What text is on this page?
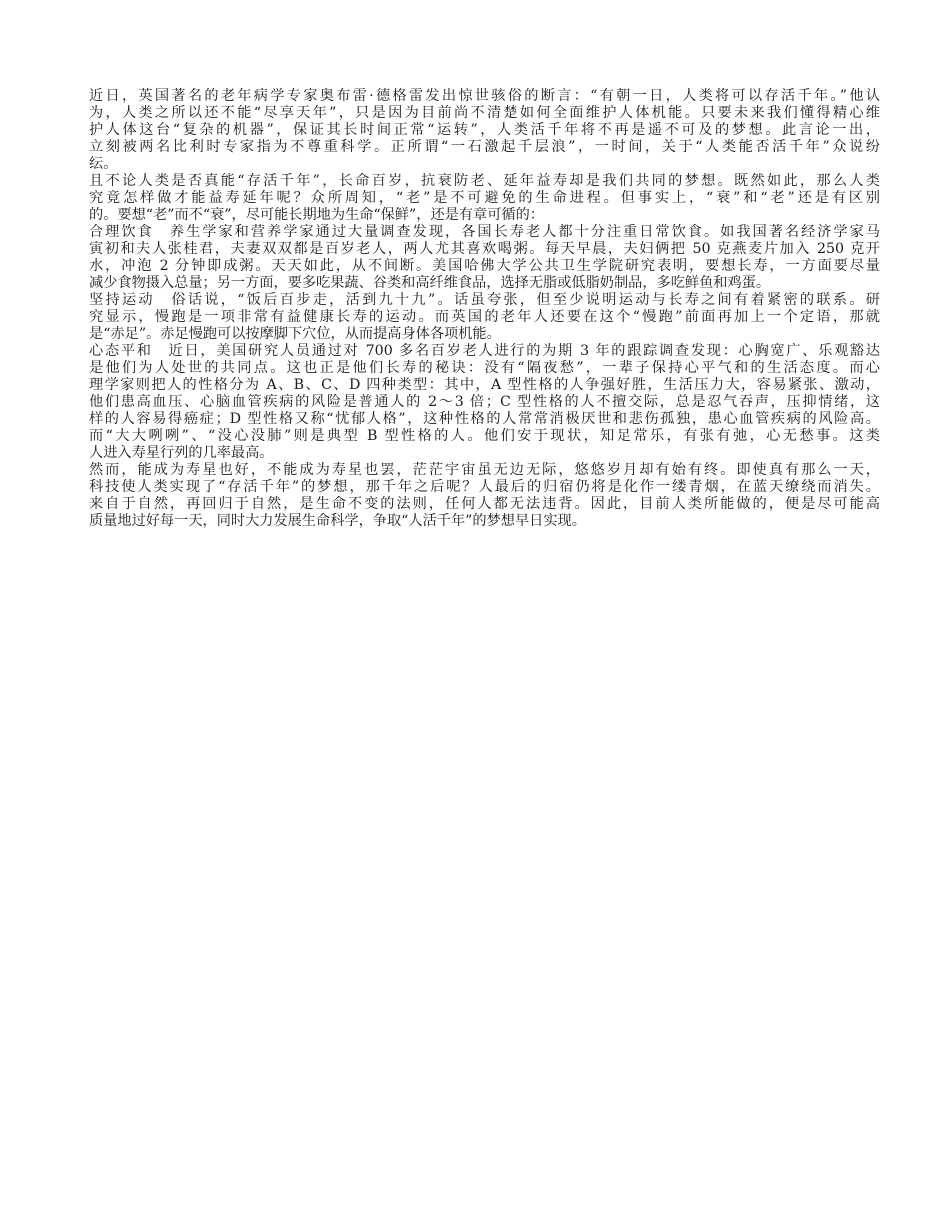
近日，英国著名的老年病学专家奥布雷·德格雷发出惊世骇俗的断言：“有朝一日，人类将可以存活千年。”他认
为，人类之所以还不能“尽享天年”，只是因为目前尚不清楚如何全面维护人体机能。只要未来我们懂得精心维
护人体这台“复杂的机器”，保证其长时间正常“运转”，人类活千年将不再是遥不可及的梦想。此言论一出，
立刻被两名比利时专家指为不尊重科学。正所谓“一石激起千层浪”，一时间，关于“人类能否活千年”众说纷
纭。
且不论人类是否真能“存活千年”，长命百岁，抗衰防老、延年益寿却是我们共同的梦想。既然如此，那么人类
究竟怎样做才能益寿延年呢？众所周知，“老”是不可避免的生命进程。但事实上，“衰”和“老”还是有区别
的。要想“老”而不“衰”，尽可能长期地为生命“保鲜”，还是有章可循的：
合理饮食　养生学家和营养学家通过大量调查发现，各国长寿老人都十分注重日常饮食。如我国著名经济学家马
寅初和夫人张桂君，夫妻双双都是百岁老人，两人尤其喜欢喝粥。每天早晨，夫妇俩把 50 克燕麦片加入 250 克开
水，冲泡 2 分钟即成粥。天天如此，从不间断。美国哈佛大学公共卫生学院研究表明，要想长寿，一方面要尽量
减少食物摄入总量；另一方面，要多吃果蔬、谷类和高纤维食品，选择无脂或低脂奶制品，多吃鲜鱼和鸡蛋。
坚持运动　俗话说，“饭后百步走，活到九十九”。话虽夸张，但至少说明运动与长寿之间有着紧密的联系。研
究显示，慢跑是一项非常有益健康长寿的运动。而英国的老年人还要在这个“慢跑”前面再加上一个定语，那就
是“赤足”。赤足慢跑可以按摩脚下穴位，从而提高身体各项机能。
心态平和　近日，美国研究人员通过对 700 多名百岁老人进行的为期 3 年的跟踪调查发现：心胸宽广、乐观豁达
是他们为人处世的共同点。这也正是他们长寿的秘诀：没有“隔夜愁”，一辈子保持心平气和的生活态度。而心
理学家则把人的性格分为 A、B、C、D 四种类型：其中，A 型性格的人争强好胜，生活压力大，容易紧张、激动，
他们患高血压、心脑血管疾病的风险是普通人的 2～3 倍；C 型性格的人不擅交际，总是忍气吞声，压抑情绪，这
样的人容易得癌症；D 型性格又称“忧郁人格”，这种性格的人常常消极厌世和悲伤孤独，患心血管疾病的风险高。
而“大大咧咧”、“没心没肺”则是典型 B 型性格的人。他们安于现状，知足常乐，有张有弛，心无愁事。这类
人进入寿星行列的几率最高。
然而，能成为寿星也好，不能成为寿星也罢，茫茫宇宙虽无边无际，悠悠岁月却有始有终。即使真有那么一天，
科技使人类实现了“存活千年”的梦想，那千年之后呢？人最后的归宿仍将是化作一缕青烟，在蓝天缭绕而消失。
来自于自然，再回归于自然，是生命不变的法则，任何人都无法违背。因此，目前人类所能做的，便是尽可能高
质量地过好每一天，同时大力发展生命科学，争取“人活千年”的梦想早日实现。
